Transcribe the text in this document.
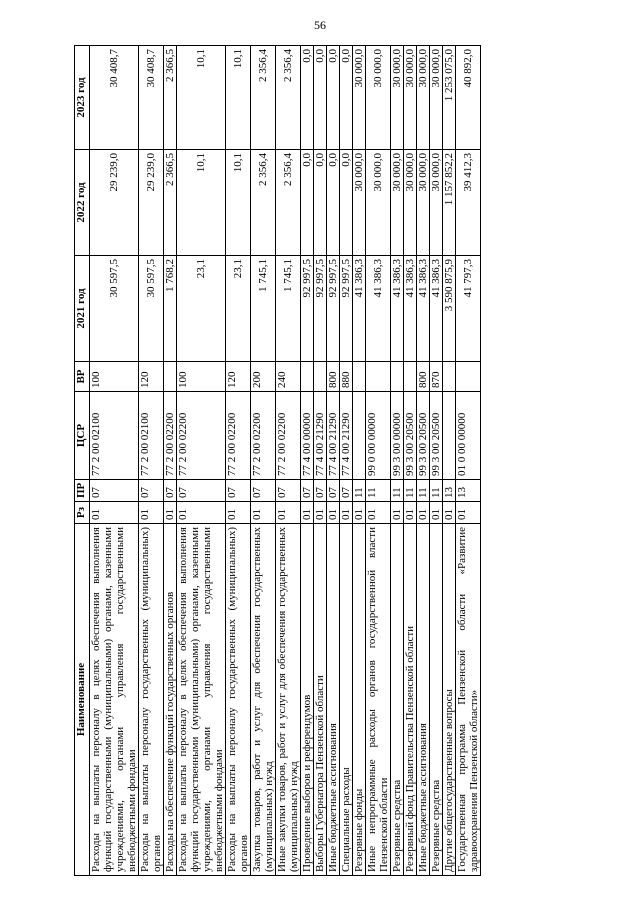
56
Наименование	Рз	ПР	ЦСР	ВР	2021 год	2022 год	2023 год
Расходы на выплаты персоналу в целях обеспечения выполнения функций государственными (муниципальными) органами, казенными учреждениями, органами управления государственными внебюджетными фондами	01	07	77 2 00 02100	100	30 597,5	29 239,0	30 408,7
Расходы на выплаты персоналу государственных (муниципальных) органов	01	07	77 2 00 02100	120	30 597,5	29 239,0	30 408,7
Расходы на обеспечение функций государственных органов	01	07	77 2 00 02200		1 768,2	2 366,5	2 366,5
Расходы на выплаты персоналу в целях обеспечения выполнения функций государственными (муниципальными) органами, казенными учреждениями, органами управления государственными внебюджетными фондами	01	07	77 2 00 02200	100	23,1	10,1	10,1
Расходы на выплаты персоналу государственных (муниципальных) органов	01	07	77 2 00 02200	120	23,1	10,1	10,1
Закупка товаров, работ и услуг для обеспечения государственных (муниципальных) нужд	01	07	77 2 00 02200	200	1 745,1	2 356,4	2 356,4
Иные закупки товаров, работ и услуг для обеспечения государственных (муниципальных) нужд	01	07	77 2 00 02200	240	1 745,1	2 356,4	2 356,4
Проведение выборов и референдумов	01	07	77 4 00 00000		92 997,5	0,0	0,0
Выборы Губернатора Пензенской области	01	07	77 4 00 21290		92 997,5	0,0	0,0
Иные бюджетные ассигнования	01	07	77 4 00 21290	800	92 997,5	0,0	0,0
Специальные расходы	01	07	77 4 00 21290	880	92 997,5	0,0	0,0
Резервные фонды	01	11			41 386,3	30 000,0	30 000,0
Иные непрограммные расходы органов государственной власти Пензенской области	01	11	99 0 00 00000		41 386,3	30 000,0	30 000,0
Резервные средства	01	11	99 3 00 00000		41 386,3	30 000,0	30 000,0
Резервный фонд Правительства Пензенской области	01	11	99 3 00 20500		41 386,3	30 000,0	30 000,0
Иные бюджетные ассигнования	01	11	99 3 00 20500	800	41 386,3	30 000,0	30 000,0
Резервные средства	01	11	99 3 00 20500	870	41 386,3	30 000,0	30 000,0
Другие общегосударственные вопросы	01	13			3 590 875,9	1 157 852,2	1 253 075,0
Государственная программа Пензенской области «Развитие здравоохранения Пензенской области»	01	13	01 0 00 00000		41 797,3	39 412,3	40 892,0
